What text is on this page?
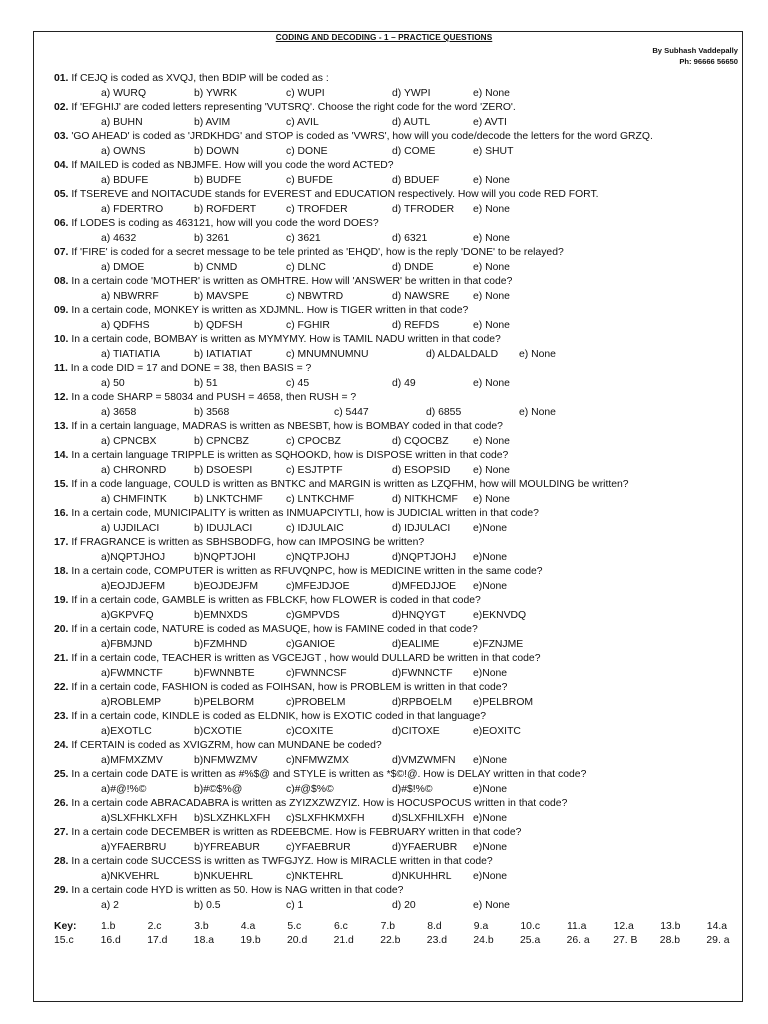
CODING AND DECODING - 1 – PRACTICE QUESTIONS
By Subhash Vaddepally
Ph: 96666 56650
01. If CEJQ is coded as XVQJ, then BDIP will be coded as :
a) WURQ	b) YWRK	c) WUPI	d) YWPI	e) None
02. If 'EFGHIJ' are coded letters representing 'VUTSRQ'. Choose the right code for the word 'ZERO'.
a) BUHN	b) AVIM	c) AVIL	d) AUTL	e) AVTI
03. 'GO AHEAD' is coded as 'JRDKHDG' and STOP is coded as 'VWRS', how will you code/decode the letters for the word GRZQ.
a) OWNS	b) DOWN	c) DONE	d) COME	e) SHUT
04. If MAILED is coded as NBJMFE. How will you code the word ACTED?
a) BDUFE	b) BUDFE	c) BUFDE	d) BDUEF	e) None
05. If TSEREVE and NOITACUDE stands for EVEREST and EDUCATION respectively. How will you code RED FORT.
a) FDERTRO	b) ROFDERT	c) TROFDER	d) TFRODER e) None
06. If LODES is coding as 463121, how will you code the word DOES?
a) 4632	b) 3261	c) 3621	d) 6321	e) None
07. If 'FIRE' is coded for a secret message to be tele printed as 'EHQD', how is the reply 'DONE' to be relayed?
a) DMOE	b) CNMD	c) DLNC	d) DNDE	e) None
08. In a certain code 'MOTHER' is written as OMHTRE. How will 'ANSWER' be written in that code?
a) NBWRRF	b) MAVSPE	c) NBWTRD	d) NAWSRE e) None
09. In a certain code, MONKEY is written as XDJMNL. How is TIGER written in that code?
a) QDFHS	b) QDFSH	c) FGHIR	d) REFDS	e) None
10. In a certain code, BOMBAY is written as MYMYMY. How is TAMIL NADU written in that code?
a) TIATIATIA	b) IATIATIAT	c) MNUMNUMNU	d) ALDALDALD e) None
11. In a code DID = 17 and DONE = 38, then BASIS = ?
a) 50	b) 51	c) 45	d) 49	e) None
12. In a code SHARP = 58034 and PUSH = 4658, then RUSH = ?
a) 3658	b) 3568	c) 5447	d) 6855	e) None
13. If in a certain language, MADRAS is written as NBESBT, how is BOMBAY coded in that code?
a) CPNCBX	b) CPNCBZ	c) CPOCBZ	d) CQOCBZ e) None
14. In a certain language TRIPPLE is written as SQHOOKD, how is DISPOSE written in that code?
a) CHRONRD	b) DSOESPI	c) ESJTPTF	d) ESOPSID e) None
15. If in a code language, COULD is written as BNTKC and MARGIN is written as LZQFHM, how will MOULDING be written?
a) CHMFINTK	b) LNKTCHMF c) LNTKCHMF	d) NITKHCMF e) None
16. In a certain code, MUNICIPALITY is written as INMUAPCIYTLI, how is JUDICIAL written in that code?
a) UJDILACI	b) IDUJLACI	c) IDJULAIC	d) IDJULACI e)None
17. If FRAGRANCE is written as SBHSBODFG, how can IMPOSING be written?
a)NQPTJHOJ	b)NQPTJOHI	c)NQTPJOHJ	d)NQPTJOHJ e)None
18. In a certain code, COMPUTER is written as RFUVQNPC, how is MEDICINE written in the same code?
a)EOJDJEFM	b)EOJDEJFM	c)MFEJDJOE	d)MFEDJJOE e)None
19. If in a certain code, GAMBLE is written as FBLCKF, how FLOWER is coded in that code?
a)GKPVFQ	b)EMNXDS	c)GMPVDS	d)HNQYGT	e)EKNVDQ
20. If in a certain code, NATURE is coded as MASUQE, how is FAMINE coded in that code?
a)FBMJND	b)FZMHND	c)GANIOE	d)EALIME	e)FZNJME
21. If in a certain code, TEACHER is written as VGCEJGT , how would DULLARD be written in that code?
a)FWMNCTF	b)FWNNBTE	c)FWNNCSF	d)FWNNCTF e)None
22. If in a certain code, FASHION is coded as FOIHSAN, how is PROBLEM is written in that code?
a)ROBLEMP	b)PELBORM	c)PROBELM	d)RPBOELM e)PELBROM
23. If in a certain code, KINDLE is coded as ELDNIK, how is EXOTIC coded in that language?
a)EXOTLC	b)CXOTIE	c)COXITE	d)CITOXE	e)EOXITC
24. If CERTAIN is coded as XVIGZRM, how can MUNDANE be coded?
a)MFMXZMV	b)NFMWZMV	c)NFMWZMX	d)VMZWMFN e)None
25. In a certain code DATE is written as #%$@ and STYLE is written as *$©!@. How is DELAY written in that code?
a)#@!%©	b)#©$%@	c)#@$%©	d)#$!%©	e)None
26. In a certain code ABRACADABRA is written as ZYIZXZWZYIZ. How is HOCUSPOCUS written in that code?
a)SLXFHKLXFH b)SLXZHKLXFH c)SLXFHKMXFH	d)SLXFHILXFH e)None
27. In a certain code DECEMBER is written as RDEEBCME. How is FEBRUARY written in that code?
a)YFAERBRU	b)YFREABUR	c)YFAEBRUR	d)YFAERUBR e)None
28. In a certain code SUCCESS is written as TWFGJYZ. How is MIRACLE written in that code?
a)NKVEHRL	b)NKUEHRL	c)NKTEHRL	d)NKUHHRL e)None
29. In a certain code HYD is written as 50. How is NAG written in that code?
a) 2	b) 0.5	c) 1	d) 20	e) None
Key: 1.b	2.c	3.b	4.a	5.c	6.c	7.b	8.d	9.a	10.c	11.a	12.a	13.b	14.a
15.c	16.d	17.d	18.a	19.b	20.d	21.d	22.b	23.d	24.b	25.a	26. a 27. B 28.b	29. a
